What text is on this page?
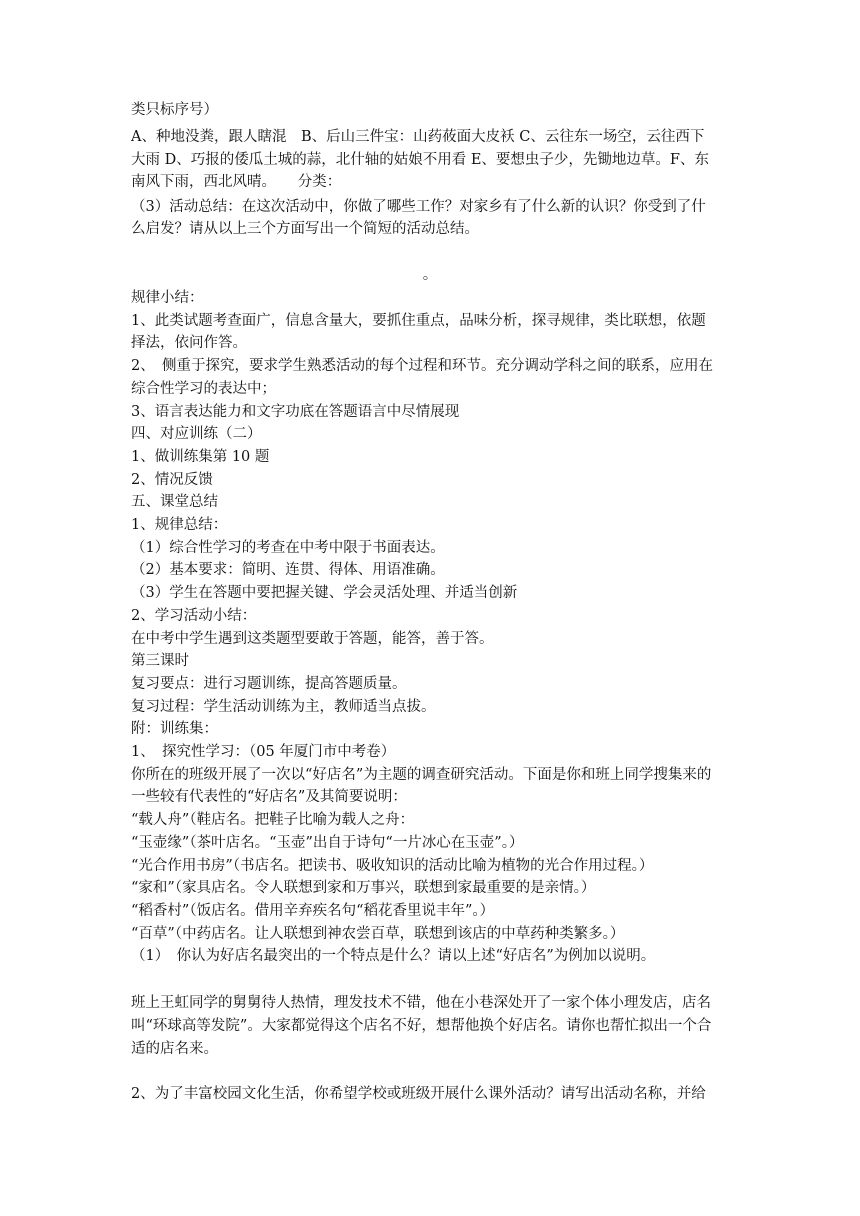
类只标序号）
A、种地没粪，跟人瞎混　B、后山三件宝：山药莜面大皮袄 C、云往东一场空，云往西下
大雨 D、巧报的倭瓜土城的蒜，北什轴的姑娘不用看 E、要想虫子少，先锄地边草。F、东
南风下雨，西北风晴。　　分类：
（3）活动总结：在这次活动中，你做了哪些工作？对家乡有了什么新的认识？你受到了什
么启发？请从以上三个方面写出一个简短的活动总结。
。
规律小结：
1、此类试题考查面广，信息含量大，要抓住重点，品味分析，探寻规律，类比联想，依题
择法，依问作答。
2、　侧重于探究，要求学生熟悉活动的每个过程和环节。充分调动学科之间的联系，应用在
综合性学习的表达中；
3、语言表达能力和文字功底在答题语言中尽情展现
四、对应训练（二）
1、做训练集第 10 题
2、情况反馈
五、课堂总结
1、规律总结：
（1）综合性学习的考查在中考中限于书面表达。
（2）基本要求：简明、连贯、得体、用语准确。
（3）学生在答题中要把握关键、学会灵活处理、并适当创新
2、学习活动小结：
在中考中学生遇到这类题型要敢于答题，能答，善于答。
第三课时
复习要点：进行习题训练，提高答题质量。
复习过程：学生活动训练为主，教师适当点拔。
附：训练集：
1、　探究性学习：（05 年厦门市中考卷）
你所在的班级开展了一次以“好店名”为主题的调查研究活动。下面是你和班上同学搜集来的
一些较有代表性的“好店名”及其简要说明：
“载人舟”（鞋店名。把鞋子比喻为载人之舟：
“玉壶缘”（茶叶店名。“玉壶”出自于诗句“一片冰心在玉壶”。）
“光合作用书房”（书店名。把读书、吸收知识的活动比喻为植物的光合作用过程。）
“家和”（家具店名。令人联想到家和万事兴，联想到家最重要的是亲情。）
“稻香村”（饭店名。借用辛弃疾名句“稻花香里说丰年”。）
“百草”（中药店名。让人联想到神农尝百草，联想到该店的中草药种类繁多。）
（1）　你认为好店名最突出的一个特点是什么？请以上述“好店名”为例加以说明。
班上王虹同学的舅舅待人热情，理发技术不错，他在小巷深处开了一家个体小理发店，店名
叫“环球高等发院”。大家都觉得这个店名不好，想帮他换个好店名。请你也帮忙拟出一个合
适的店名来。
2、为了丰富校园文化生活，你希望学校或班级开展什么课外活动？请写出活动名称，并给
